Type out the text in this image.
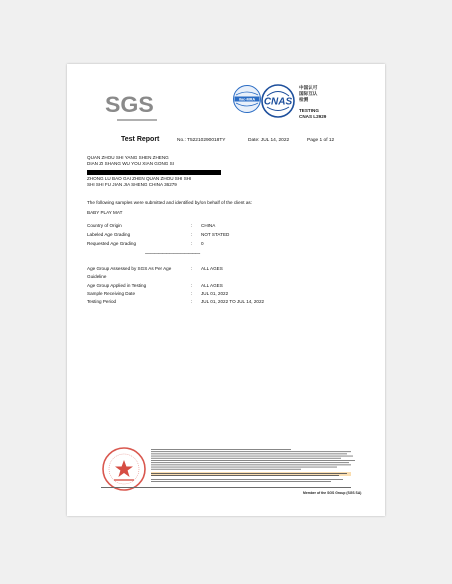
SGS	ilac-MRA CNAS
中国认可
国际互认
检测
TESTING
CNAS L2929
Test Report	No.: T52210290018TY	Date: JUL 14, 2022	Page 1 of 12
QUAN ZHOU SHI YANG SHEN ZHENG
DIAN ZI SHANG WU YOU XIAN GONG SI
ZHONG LU BAO GAI ZHEN QUAN ZHOU SHI SHI
SHI SHI FU JIAN JIA SHENG CHINA 36279
The following samples were submitted and identified by/on behalf of the client as:
BABY PLAY MAT
Country of Origin	: CHINA
Labeled Age Grading	: NOT STATED
Requested Age Grading	: 0
*********************************************************
Age Group Assessed by SGS As Per Age
Guideline
: ALL AGES
Age Group Applied in Testing	: ALL AGES
Sample Receiving Date	: JUL 01, 2022
Testing Period	: JUL 01, 2022 TO JUL 14, 2022
Member of the SGS Group (SGS SA)
